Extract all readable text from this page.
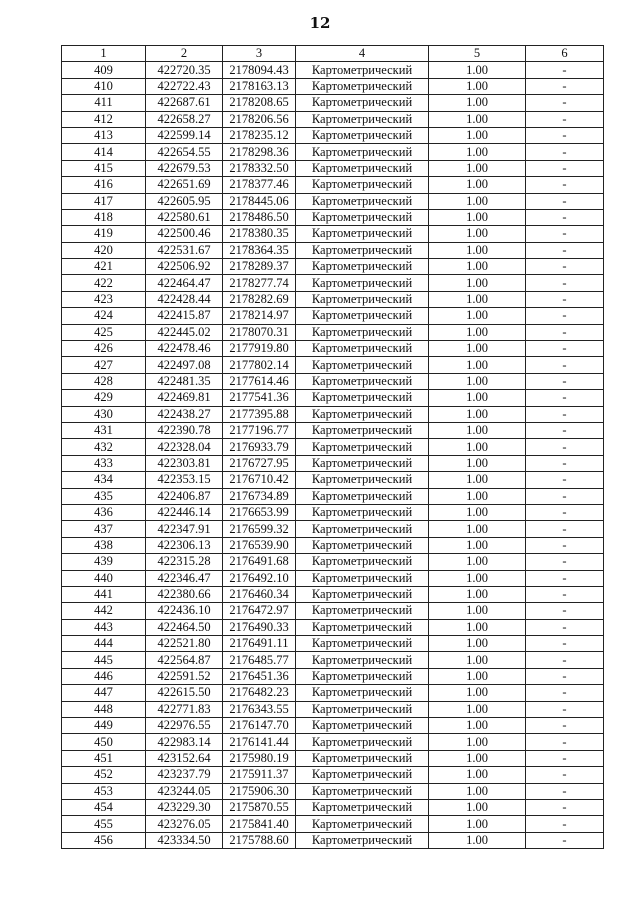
12
1	2	3	4	5	6
409	422720.35	2178094.43	Картометрический	1.00	-
410	422722.43	2178163.13	Картометрический	1.00	-
411	422687.61	2178208.65	Картометрический	1.00	-
412	422658.27	2178206.56	Картометрический	1.00	-
413	422599.14	2178235.12	Картометрический	1.00	-
414	422654.55	2178298.36	Картометрический	1.00	-
415	422679.53	2178332.50	Картометрический	1.00	-
416	422651.69	2178377.46	Картометрический	1.00	-
417	422605.95	2178445.06	Картометрический	1.00	-
418	422580.61	2178486.50	Картометрический	1.00	-
419	422500.46	2178380.35	Картометрический	1.00	-
420	422531.67	2178364.35	Картометрический	1.00	-
421	422506.92	2178289.37	Картометрический	1.00	-
422	422464.47	2178277.74	Картометрический	1.00	-
423	422428.44	2178282.69	Картометрический	1.00	-
424	422415.87	2178214.97	Картометрический	1.00	-
425	422445.02	2178070.31	Картометрический	1.00	-
426	422478.46	2177919.80	Картометрический	1.00	-
427	422497.08	2177802.14	Картометрический	1.00	-
428	422481.35	2177614.46	Картометрический	1.00	-
429	422469.81	2177541.36	Картометрический	1.00	-
430	422438.27	2177395.88	Картометрический	1.00	-
431	422390.78	2177196.77	Картометрический	1.00	-
432	422328.04	2176933.79	Картометрический	1.00	-
433	422303.81	2176727.95	Картометрический	1.00	-
434	422353.15	2176710.42	Картометрический	1.00	-
435	422406.87	2176734.89	Картометрический	1.00	-
436	422446.14	2176653.99	Картометрический	1.00	-
437	422347.91	2176599.32	Картометрический	1.00	-
438	422306.13	2176539.90	Картометрический	1.00	-
439	422315.28	2176491.68	Картометрический	1.00	-
440	422346.47	2176492.10	Картометрический	1.00	-
441	422380.66	2176460.34	Картометрический	1.00	-
442	422436.10	2176472.97	Картометрический	1.00	-
443	422464.50	2176490.33	Картометрический	1.00	-
444	422521.80	2176491.11	Картометрический	1.00	-
445	422564.87	2176485.77	Картометрический	1.00	-
446	422591.52	2176451.36	Картометрический	1.00	-
447	422615.50	2176482.23	Картометрический	1.00	-
448	422771.83	2176343.55	Картометрический	1.00	-
449	422976.55	2176147.70	Картометрический	1.00	-
450	422983.14	2176141.44	Картометрический	1.00	-
451	423152.64	2175980.19	Картометрический	1.00	-
452	423237.79	2175911.37	Картометрический	1.00	-
453	423244.05	2175906.30	Картометрический	1.00	-
454	423229.30	2175870.55	Картометрический	1.00	-
455	423276.05	2175841.40	Картометрический	1.00	-
456	423334.50	2175788.60	Картометрический	1.00	-
